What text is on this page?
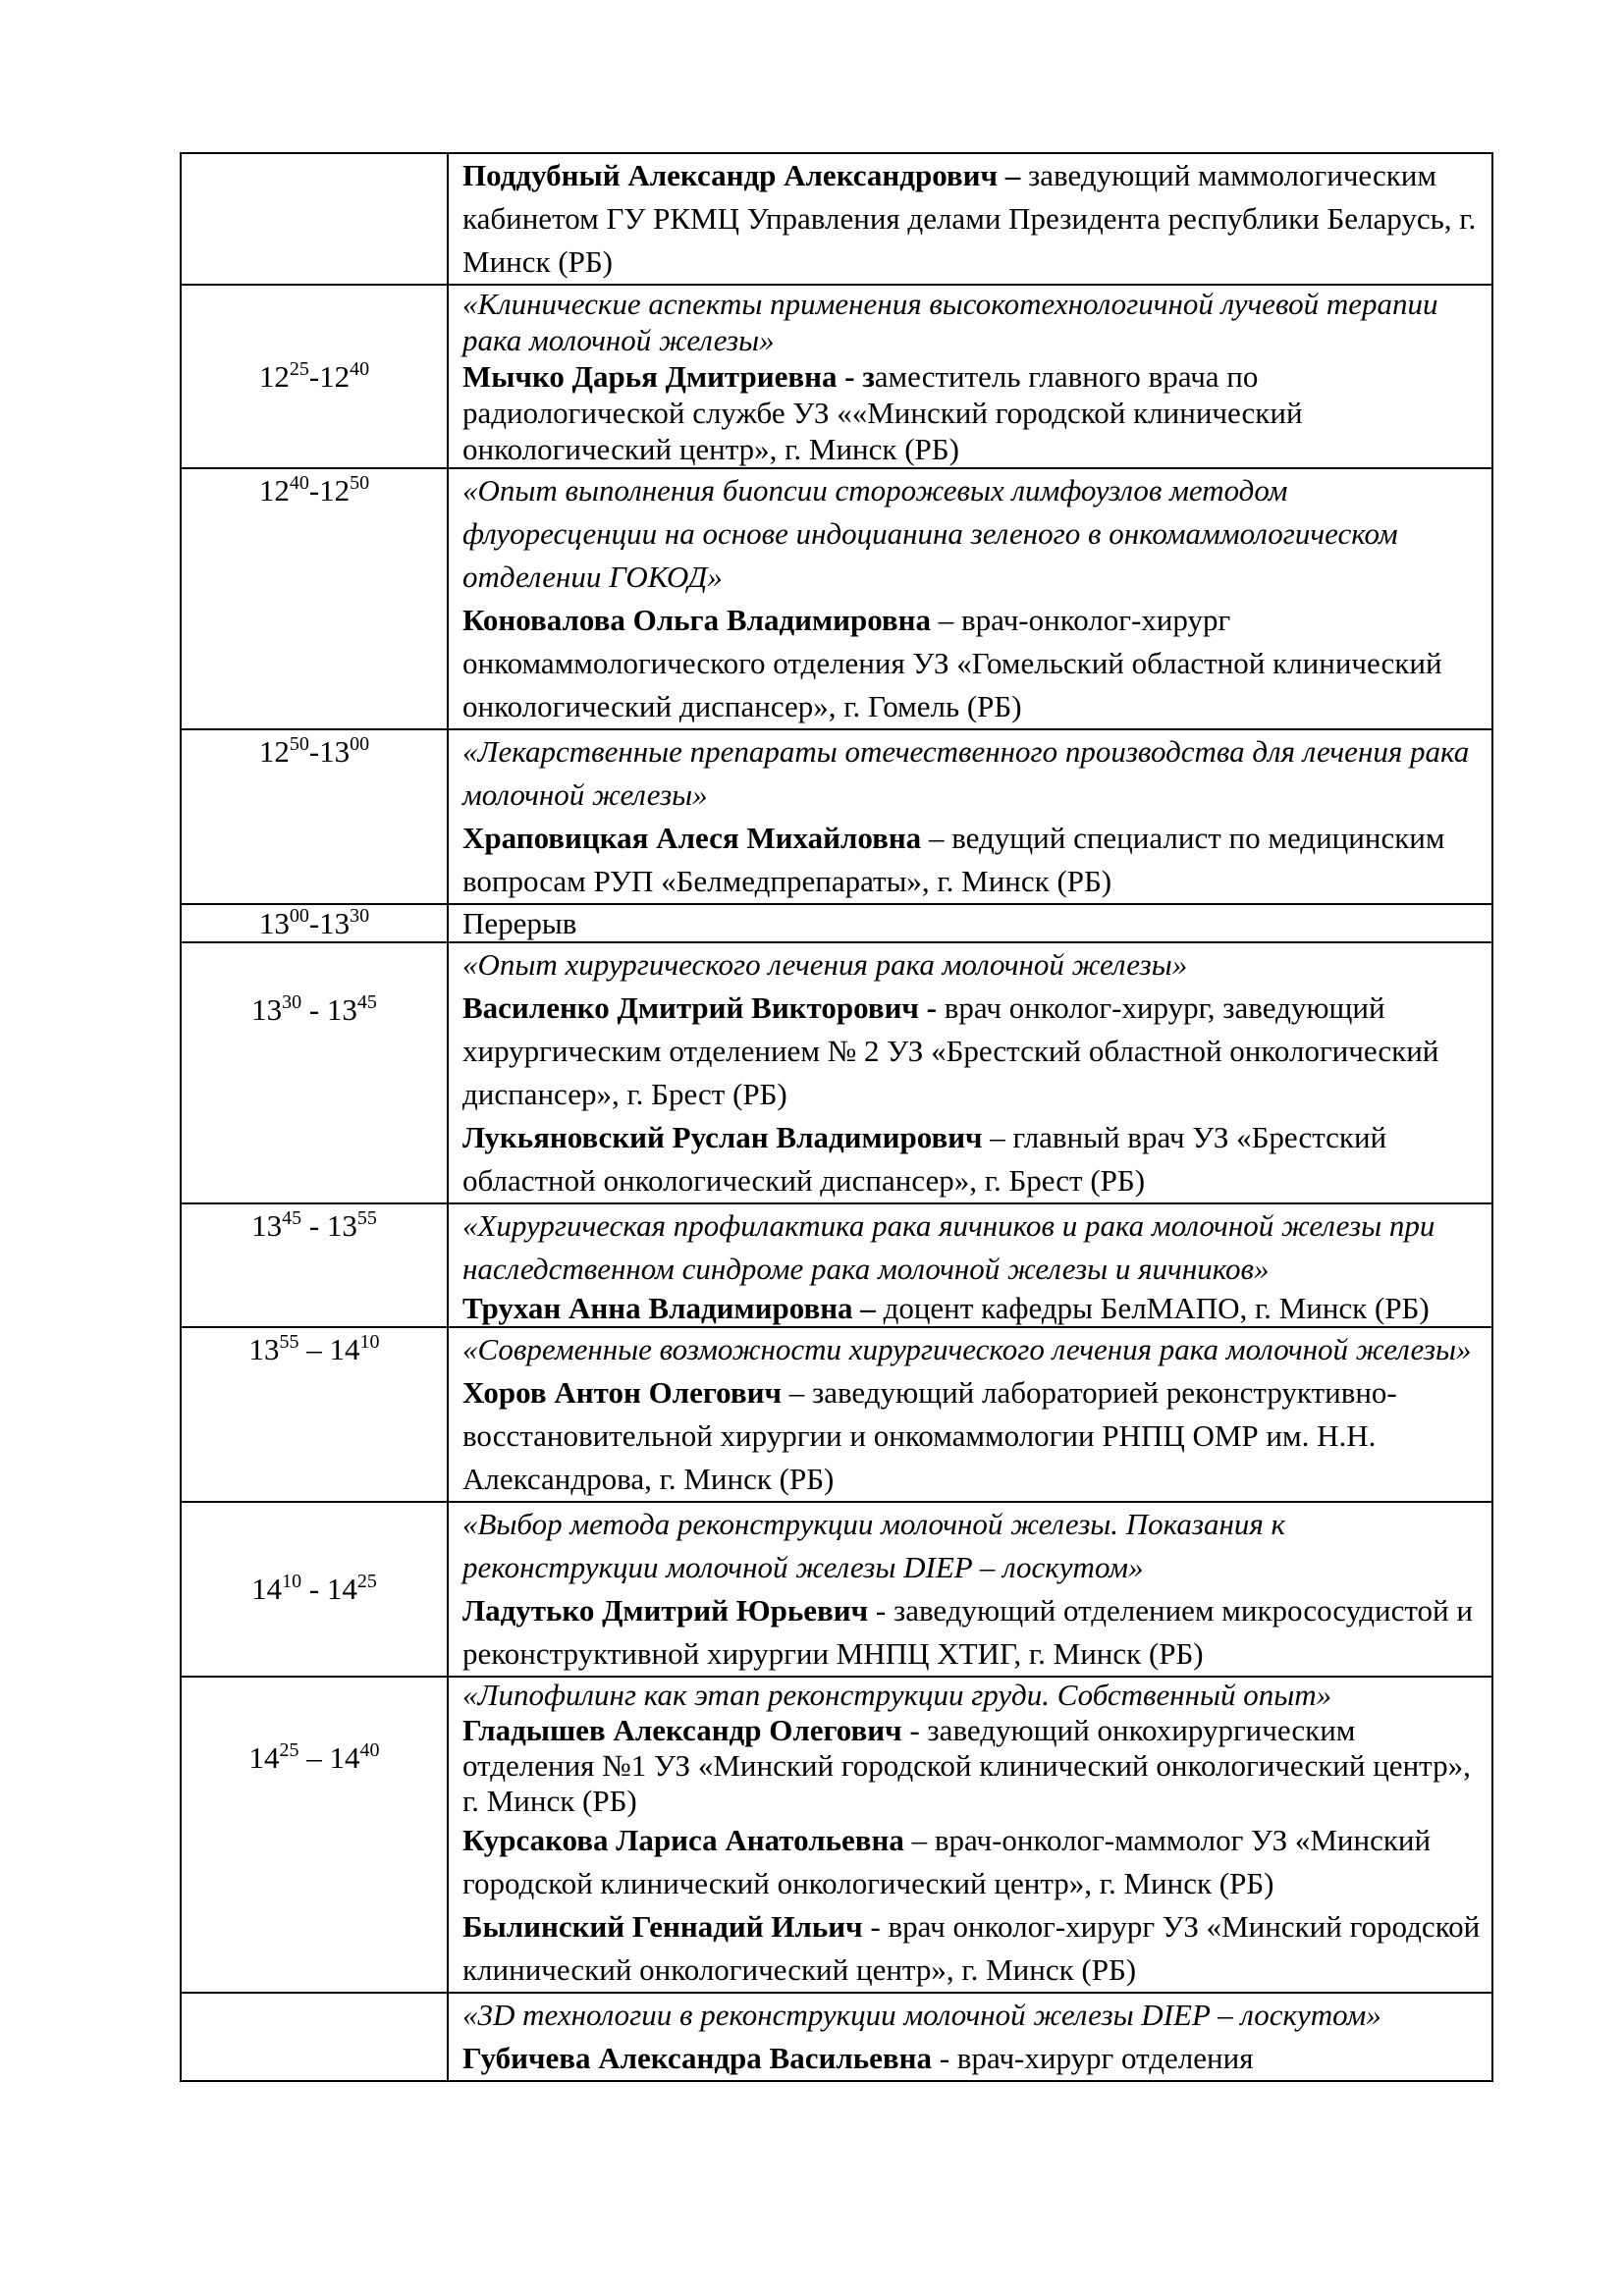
	Поддубный Александр Александрович – заведующий маммологическим кабинетом ГУ РКМЦ Управления делами Президента республики Беларусь, г. Минск (РБ)

$12^{25}-12^{40}$	«Клинические аспекты применения высокотехнологичной лучевой терапии рака молочной железы»

Мычко Дарья Дмитриевна - заместитель главного врача по радиологической службе УЗ ««Минский городской клинический онкологический центр», г. Минск (РБ)

$12^{40}-12^{50}$	«Опыт выполнения биопсии сторожевых лимфоузлов методом флуоресценции на основе индоцианина зеленого в онкомаммологическом отделении ГОКОД»

Коновалова Ольга Владимировна – врач-онколог-хирург онкомаммологического отделения УЗ «Гомельский областной клинический онкологический диспансер», г. Гомель (РБ)

$12^{50}-13^{00}$	«Лекарственные препараты отечественного производства для лечения рака молочной железы»

Храповицкая Алеся Михайловна – ведущий специалист по медицинским вопросам РУП «Белмедпрепараты», г. Минск (РБ)

$13^{00}-13^{30}$	Перерыв

$13^{30} - 13^{45}$	«Опыт хирургического лечения рака молочной железы»

Василенко Дмитрий Викторович - врач онколог-хирург, заведующий хирургическим отделением № 2 УЗ «Брестский областной онкологический диспансер», г. Брест (РБ)

Лукьяновский Руслан Владимирович – главный врач УЗ «Брестский областной онкологический диспансер», г. Брест (РБ)

$13^{45} - 13^{55}$	«Хирургическая профилактика рака яичников и рака молочной железы при наследственном синдроме рака молочной железы и яичников»

Трухан Анна Владимировна – доцент кафедры БелМАПО, г. Минск (РБ)

$13^{55} - 14^{10}$	«Современные возможности хирургического лечения рака молочной железы»

Хоров Антон Олегович – заведующий лабораторией реконструктивно-восстановительной хирургии и онкомаммологии РНПЦ ОМР им. Н.Н. Александрова, г. Минск (РБ)

$14^{10} - 14^{25}$	«Выбор метода реконструкции молочной железы. Показания к реконструкции молочной железы DIEP – лоскутом»

Ладутько Дмитрий Юрьевич - заведующий отделением микрососудистой и реконструктивной хирургии МНПЦ ХТИГ, г. Минск (РБ)

$14^{25} - 14^{40}$	«Липофилинг как этап реконструкции груди. Собственный опыт»

Гладышев Александр Олегович - заведующий онкохирургическим отделения №1 УЗ «Минский городской клинический онкологический центр», г. Минск (РБ)

Курсакова Лариса Анатольевна – врач-онколог-маммолог УЗ «Минский городской клинический онкологический центр», г. Минск (РБ)

Былинский Геннадий Ильич - врач онколог-хирург УЗ «Минский городской клинический онкологический центр», г. Минск (РБ)

	«3D технологии в реконструкции молочной железы DIEP – лоскутом»

Губичева Александра Васильевна - врач-хирург отделения
